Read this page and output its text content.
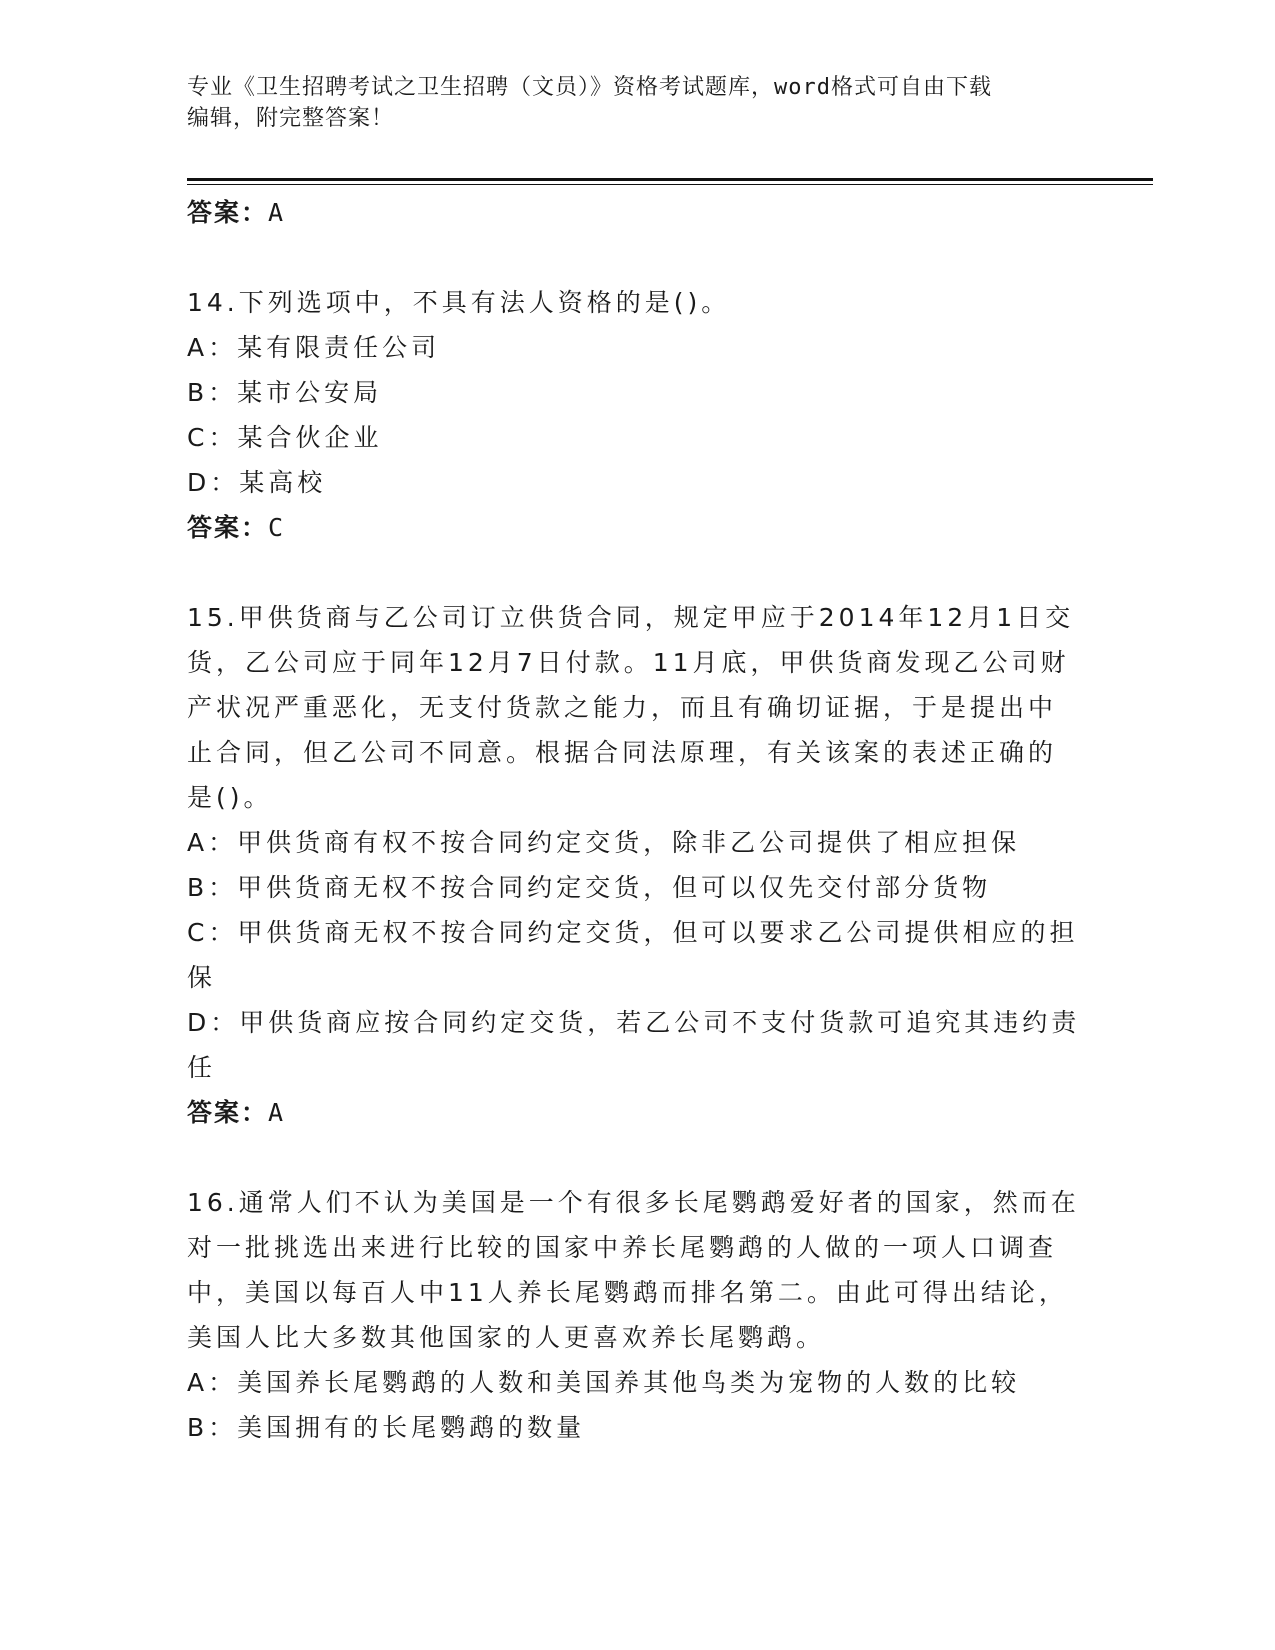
专业《卫生招聘考试之卫生招聘（文员）》资格考试题库，word格式可自由下载
编辑，附完整答案！
答案：A
14.下列选项中，不具有法人资格的是()。
A：某有限责任公司
B：某市公安局
C：某合伙企业
D：某高校
答案：C
15.甲供货商与乙公司订立供货合同，规定甲应于2014年12月1日交
货，乙公司应于同年12月7日付款。11月底，甲供货商发现乙公司财
产状况严重恶化，无支付货款之能力，而且有确切证据，于是提出中
止合同，但乙公司不同意。根据合同法原理，有关该案的表述正确的
是()。
A：甲供货商有权不按合同约定交货，除非乙公司提供了相应担保
B：甲供货商无权不按合同约定交货，但可以仅先交付部分货物
C：甲供货商无权不按合同约定交货，但可以要求乙公司提供相应的担
保
D：甲供货商应按合同约定交货，若乙公司不支付货款可追究其违约责
任
答案：A
16.通常人们不认为美国是一个有很多长尾鹦鹉爱好者的国家，然而在
对一批挑选出来进行比较的国家中养长尾鹦鹉的人做的一项人口调查
中，美国以每百人中11人养长尾鹦鹉而排名第二。由此可得出结论，
美国人比大多数其他国家的人更喜欢养长尾鹦鹉。
A：美国养长尾鹦鹉的人数和美国养其他鸟类为宠物的人数的比较
B：美国拥有的长尾鹦鹉的数量
